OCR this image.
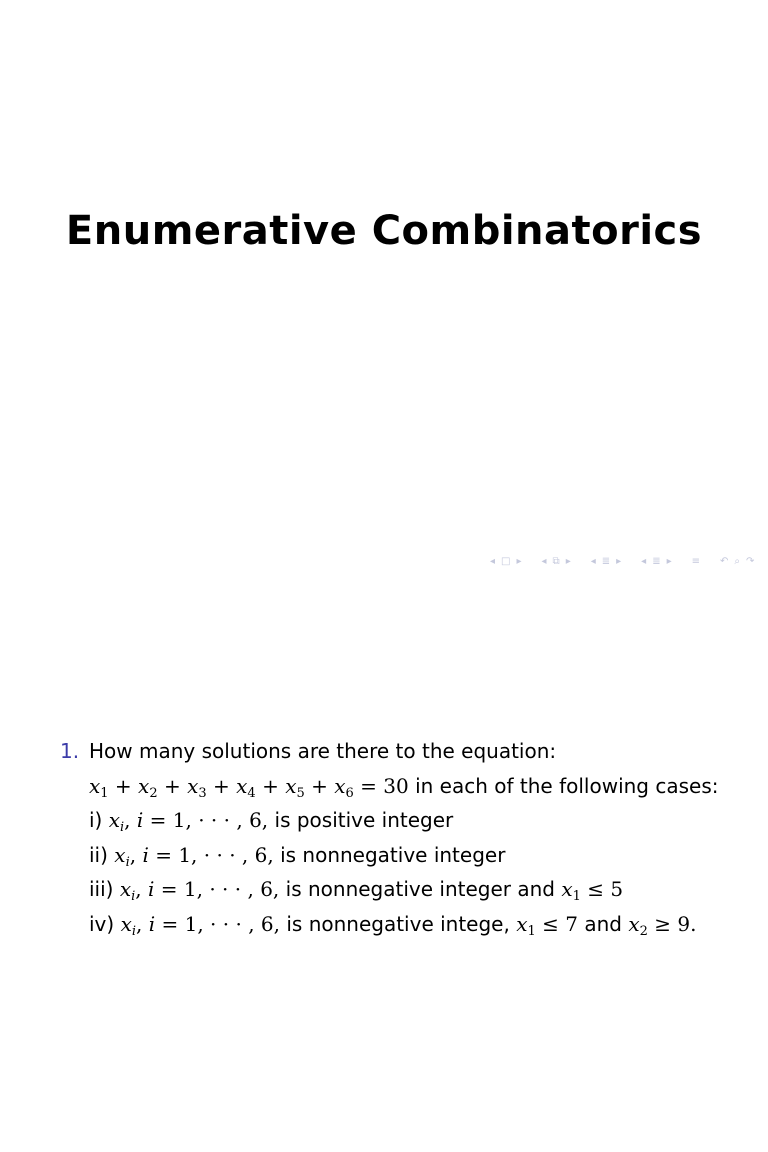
Enumerative Combinatorics
◂ □ ▸ ◂ ⧉ ▸ ◂ ≣ ▸ ◂ ≣ ▸ ≡ ↶ ⌕ ↷
1. How many solutions are there to the equation:
$x_1 + x_2 + x_3 + x_4 + x_5 + x_6 = 30$ in each of the following cases:
i) $x_i$, i = 1, · · · , 6, is positive integer
ii) $x_i$, i = 1, · · · , 6, is nonnegative integer
iii) $x_i$, i = 1, · · · , 6, is nonnegative integer and $x_1 \le 5$
iv) $x_i$, i = 1, · · · , 6, is nonnegative intege, $x_1 \le 7$ and $x_2 \ge 9$.
